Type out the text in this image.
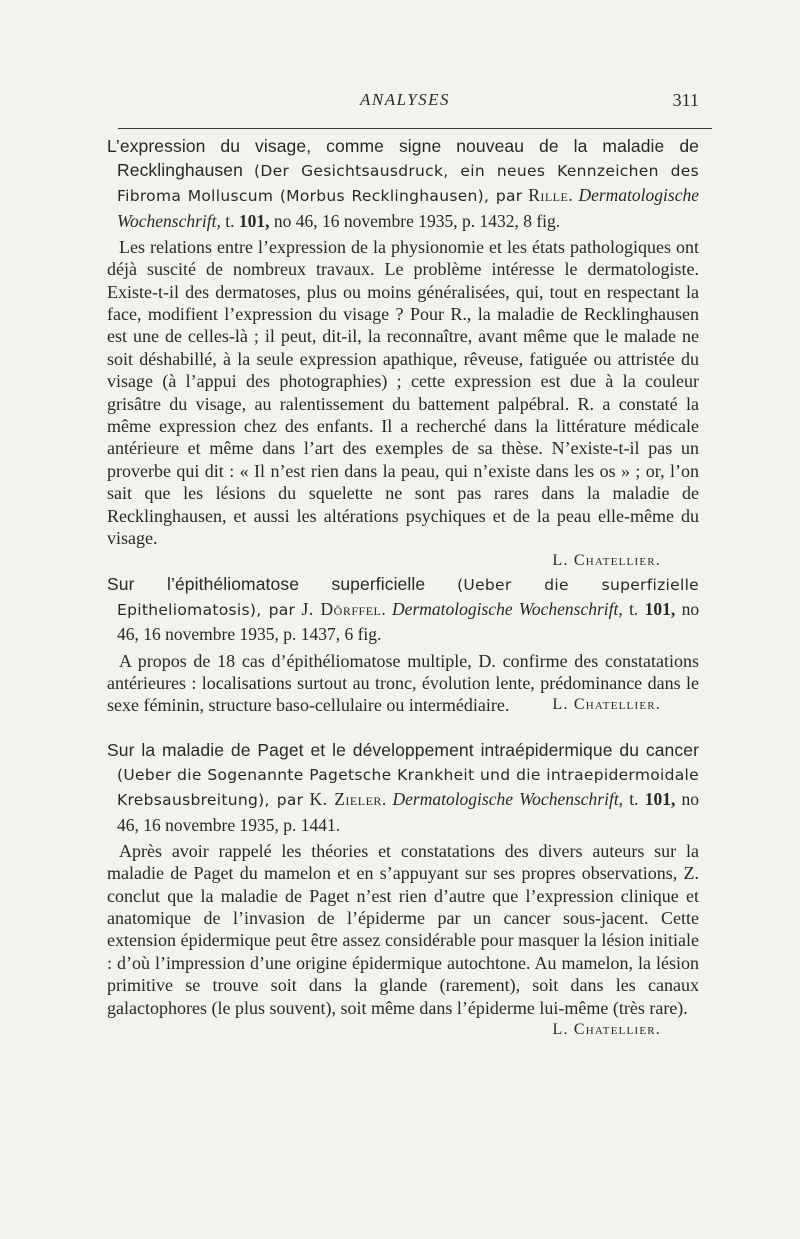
ANALYSES	311
L’expression du visage, comme signe nouveau de la maladie de Recklinghausen (Der Gesichtsausdruck, ein neues Kennzeichen des Fibroma Molluscum (Morbus Recklinghausen), par Rille. Dermatologische Wochenschrift, t. 101, no 46, 16 novembre 1935, p. 1432, 8 fig.
Les relations entre l’expression de la physionomie et les états pathologiques ont déjà suscité de nombreux travaux. Le problème intéresse le dermatologiste. Existe-t-il des dermatoses, plus ou moins généralisées, qui, tout en respectant la face, modifient l’expression du visage ? Pour R., la maladie de Recklinghausen est une de celles-là ; il peut, dit-il, la reconnaître, avant même que le malade ne soit déshabillé, à la seule expression apathique, rêveuse, fatiguée ou attristée du visage (à l’appui des photographies) ; cette expression est due à la couleur grisâtre du visage, au ralentissement du battement palpébral. R. a constaté la même expression chez des enfants. Il a recherché dans la littérature médicale antérieure et même dans l’art des exemples de sa thèse. N’existe-t-il pas un proverbe qui dit : « Il n’est rien dans la peau, qui n’existe dans les os » ; or, l’on sait que les lésions du squelette ne sont pas rares dans la maladie de Recklinghausen, et aussi les altérations psychiques et de la peau elle-même du visage.
L. Chatellier.
Sur l’épithéliomatose superficielle (Ueber die superfizielle Epitheliomatosis), par J. Dörffel. Dermatologische Wochenschrift, t. 101, no 46, 16 novembre 1935, p. 1437, 6 fig.
A propos de 18 cas d’épithéliomatose multiple, D. confirme des constatations antérieures : localisations surtout au tronc, évolution lente, prédominance dans le sexe féminin, structure baso-cellulaire ou intermédiaire.	L. Chatellier.
Sur la maladie de Paget et le développement intraépidermique du cancer (Ueber die Sogenannte Pagetsche Krankheit und die intraepidermoidale Krebsausbreitung), par K. Zieler. Dermatologische Wochenschrift, t. 101, no 46, 16 novembre 1935, p. 1441.
Après avoir rappelé les théories et constatations des divers auteurs sur la maladie de Paget du mamelon et en s’appuyant sur ses propres observations, Z. conclut que la maladie de Paget n’est rien d’autre que l’expression clinique et anatomique de l’invasion de l’épiderme par un cancer sous-jacent. Cette extension épidermique peut être assez considérable pour masquer la lésion initiale : d’où l’impression d’une origine épidermique autochtone. Au mamelon, la lésion primitive se trouve soit dans la glande (rarement), soit dans les canaux galactophores (le plus souvent), soit même dans l’épiderme lui-même (très rare).
L. Chatellier.
